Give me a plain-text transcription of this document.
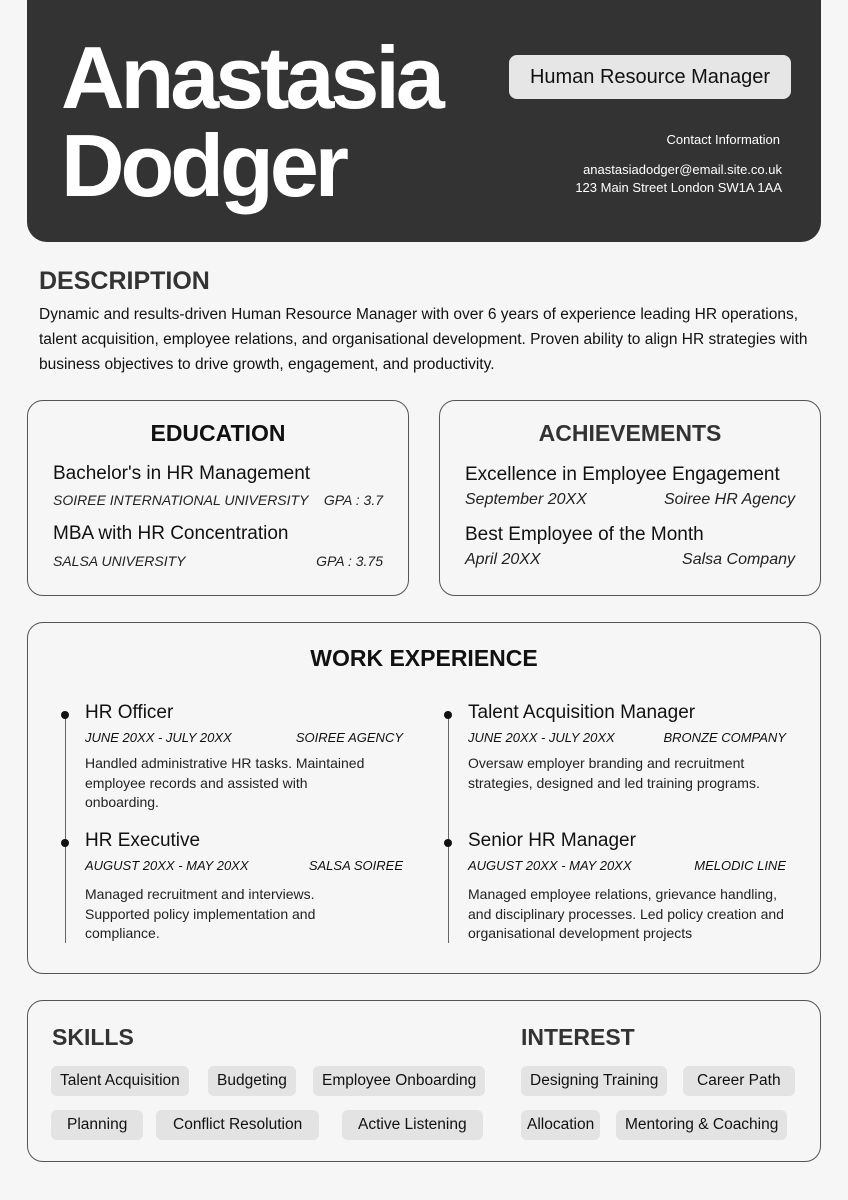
Anastasia
Dodger
Human Resource Manager
Contact Information
anastasiadodger@email.site.co.uk
123 Main Street London SW1A 1AA
DESCRIPTION
Dynamic and results-driven Human Resource Manager with over 6 years of experience leading HR operations, talent acquisition, employee relations, and organisational development. Proven ability to align HR strategies with business objectives to drive growth, engagement, and productivity.
EDUCATION
Bachelor's in HR Management
SOIREE INTERNATIONAL UNIVERSITY GPA : 3.7
MBA with HR Concentration
SALSA UNIVERSITY	GPA : 3.75
ACHIEVEMENTS
Excellence in Employee Engagement
September 20XX	Soiree HR Agency
Best Employee of the Month
April 20XX	Salsa Company
WORK EXPERIENCE
HR Officer
JUNE 20XX - JULY 20XX	SOIREE AGENCY
Handled administrative HR tasks. Maintained employee records and assisted with onboarding.
HR Executive
AUGUST 20XX - MAY 20XX	SALSA SOIREE
Managed recruitment and interviews. Supported policy implementation and compliance.
Talent Acquisition Manager
JUNE 20XX - JULY 20XX	BRONZE COMPANY
Oversaw employer branding and recruitment strategies, designed and led training programs.
Senior HR Manager
AUGUST 20XX - MAY 20XX	MELODIC LINE
Managed employee relations, grievance handling, and disciplinary processes. Led policy creation and organisational development projects
SKILLS
Talent Acquisition	Budgeting	Employee Onboarding
Planning	Conflict Resolution	Active Listening
INTEREST
Designing Training	Career Path
Allocation	Mentoring & Coaching
